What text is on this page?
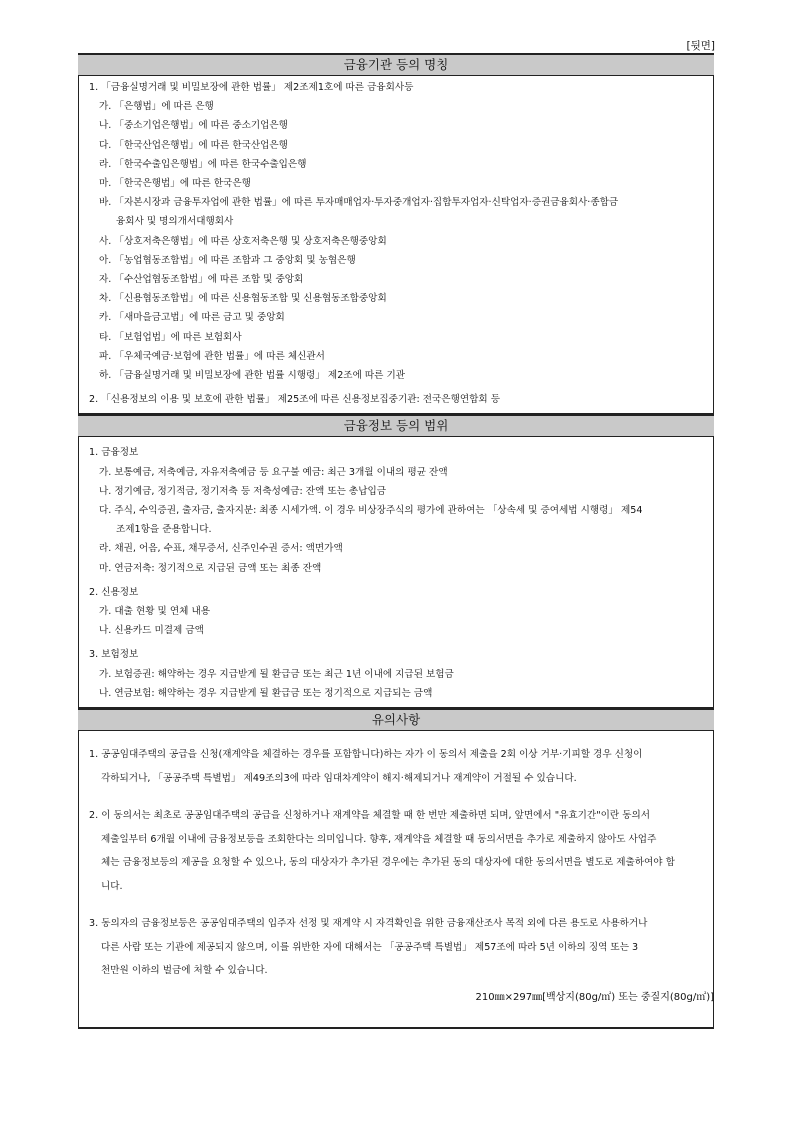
[뒷면]
금융기관 등의 명칭
1. 「금융실명거래 및 비밀보장에 관한 법률」 제2조제1호에 따른 금융회사등
가. 「은행법」에 따른 은행
나. 「중소기업은행법」에 따른 중소기업은행
다. 「한국산업은행법」에 따른 한국산업은행
라. 「한국수출입은행법」에 따른 한국수출입은행
마. 「한국은행법」에 따른 한국은행
바. 「자본시장과 금융투자업에 관한 법률」에 따른 투자매매업자·투자중개업자·집합투자업자·신탁업자·증권금융회사·종합금
융회사 및 명의개서대행회사
사. 「상호저축은행법」에 따른 상호저축은행 및 상호저축은행중앙회
아. 「농업협동조합법」에 따른 조합과 그 중앙회 및 농협은행
자. 「수산업협동조합법」에 따른 조합 및 중앙회
차. 「신용협동조합법」에 따른 신용협동조합 및 신용협동조합중앙회
카. 「새마을금고법」에 따른 금고 및 중앙회
타. 「보험업법」에 따른 보험회사
파. 「우체국예금·보험에 관한 법률」에 따른 체신관서
하. 「금융실명거래 및 비밀보장에 관한 법률 시행령」 제2조에 따른 기관
2. 「신용정보의 이용 및 보호에 관한 법률」 제25조에 따른 신용정보집중기관: 전국은행연합회 등
금융정보 등의 범위
1. 금융정보
가. 보통예금, 저축예금, 자유저축예금 등 요구불 예금: 최근 3개월 이내의 평균 잔액
나. 정기예금, 정기적금, 정기저축 등 저축성예금: 잔액 또는 총납입금
다. 주식, 수익증권, 출자금, 출자지분: 최종 시세가액. 이 경우 비상장주식의 평가에 관하여는 「상속세 및 증여세법 시행령」 제54
조제1항을 준용합니다.
라. 채권, 어음, 수표, 채무증서, 신주인수권 증서: 액면가액
마. 연금저축: 정기적으로 지급된 금액 또는 최종 잔액
2. 신용정보
가. 대출 현황 및 연체 내용
나. 신용카드 미결제 금액
3. 보험정보
가. 보험증권: 해약하는 경우 지급받게 될 환급금 또는 최근 1년 이내에 지급된 보험금
나. 연금보험: 해약하는 경우 지급받게 될 환급금 또는 정기적으로 지급되는 금액
유의사항
1. 공공임대주택의 공급을 신청(재계약을 체결하는 경우를 포함합니다)하는 자가 이 동의서 제출을 2회 이상 거부·기피할 경우 신청이
각하되거나, 「공공주택 특별법」 제49조의3에 따라 임대차계약이 해지·해제되거나 재계약이 거절될 수 있습니다.
2. 이 동의서는 최초로 공공임대주택의 공급을 신청하거나 재계약을 체결할 때 한 번만 제출하면 되며, 앞면에서 "유효기간"이란 동의서
제출일부터 6개월 이내에 금융정보등을 조회한다는 의미입니다. 향후, 재계약을 체결할 때 동의서면을 추가로 제출하지 않아도 사업주
체는 금융정보등의 제공을 요청할 수 있으나, 동의 대상자가 추가된 경우에는 추가된 동의 대상자에 대한 동의서면을 별도로 제출하여야 합
니다.
3. 동의자의 금융정보등은 공공임대주택의 입주자 선정 및 재계약 시 자격확인을 위한 금융재산조사 목적 외에 다른 용도로 사용하거나
다른 사람 또는 기관에 제공되지 않으며, 이를 위반한 자에 대해서는 「공공주택 특별법」 제57조에 따라 5년 이하의 징역 또는 3
천만원 이하의 벌금에 처할 수 있습니다.
210㎜×297㎜[백상지(80g/㎡) 또는 중질지(80g/㎡)]
